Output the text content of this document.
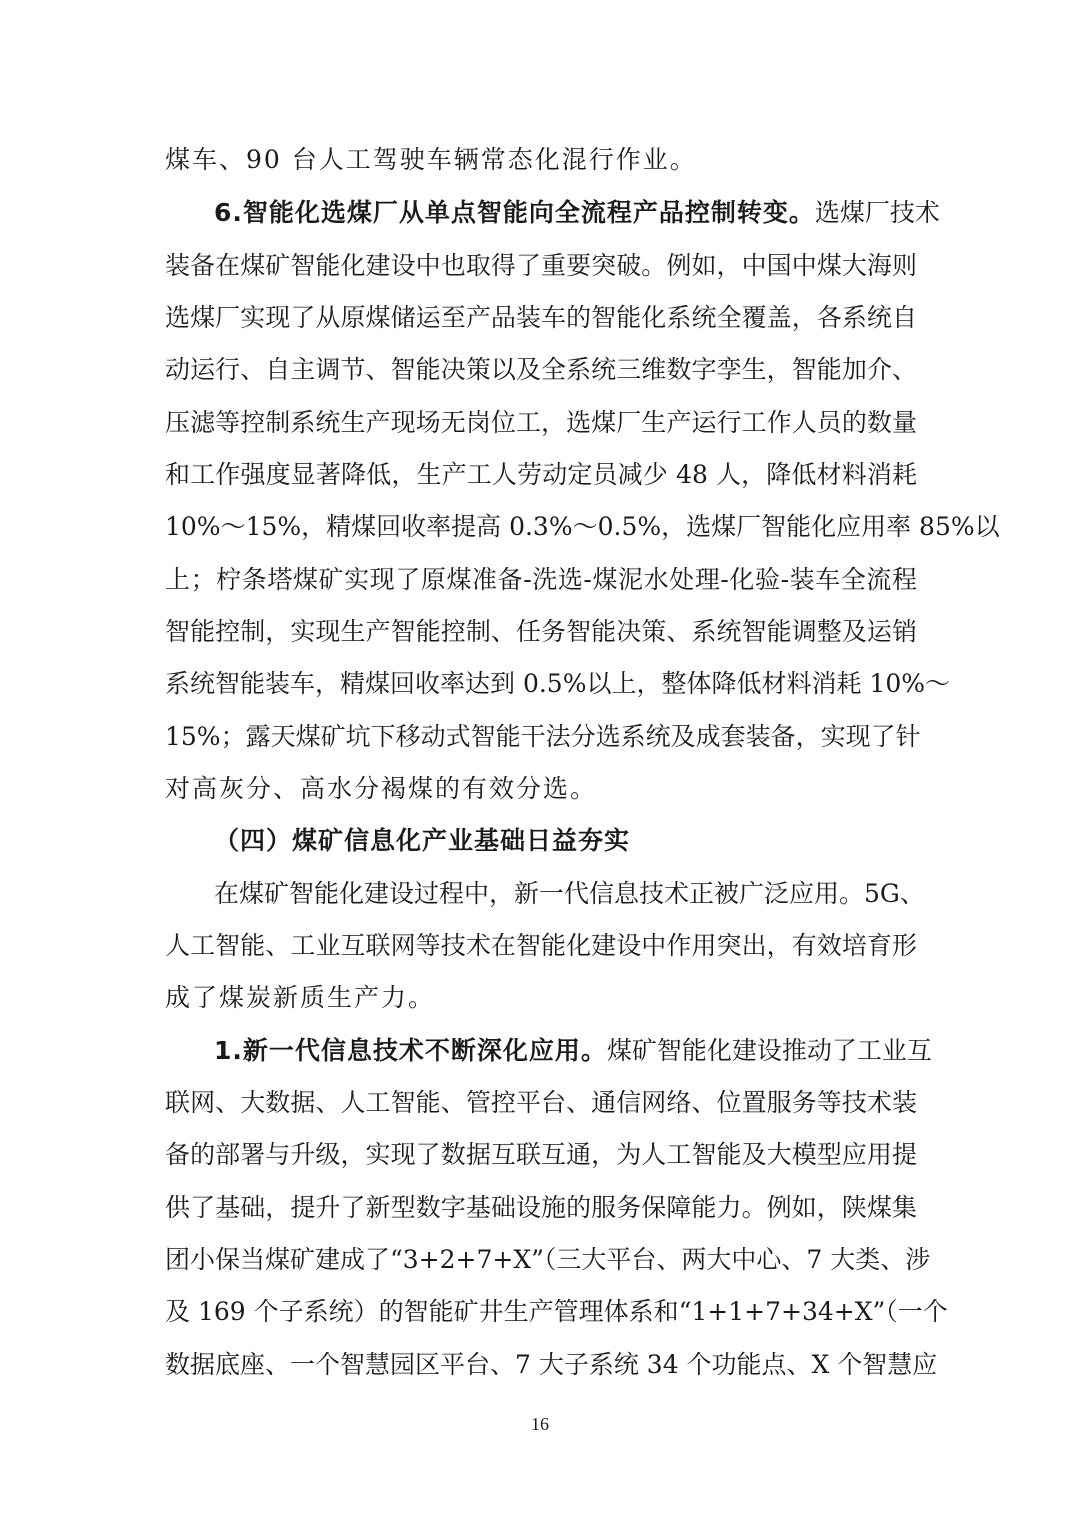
煤车、90 台人工驾驶车辆常态化混行作业。
6.智能化选煤厂从单点智能向全流程产品控制转变。选煤厂技术
装备在煤矿智能化建设中也取得了重要突破。例如，中国中煤大海则
选煤厂实现了从原煤储运至产品装车的智能化系统全覆盖，各系统自
动运行、自主调节、智能决策以及全系统三维数字孪生，智能加介、
压滤等控制系统生产现场无岗位工，选煤厂生产运行工作人员的数量
和工作强度显著降低，生产工人劳动定员减少 48 人，降低材料消耗
10%～15%，精煤回收率提高 0.3%～0.5%，选煤厂智能化应用率 85%以
上；柠条塔煤矿实现了原煤准备-洗选-煤泥水处理-化验-装车全流程
智能控制，实现生产智能控制、任务智能决策、系统智能调整及运销
系统智能装车，精煤回收率达到 0.5%以上，整体降低材料消耗 10%～
15%；露天煤矿坑下移动式智能干法分选系统及成套装备，实现了针
对高灰分、高水分褐煤的有效分选。
（四）煤矿信息化产业基础日益夯实
在煤矿智能化建设过程中，新一代信息技术正被广泛应用。5G、
人工智能、工业互联网等技术在智能化建设中作用突出，有效培育形
成了煤炭新质生产力。
1.新一代信息技术不断深化应用。煤矿智能化建设推动了工业互
联网、大数据、人工智能、管控平台、通信网络、位置服务等技术装
备的部署与升级，实现了数据互联互通，为人工智能及大模型应用提
供了基础，提升了新型数字基础设施的服务保障能力。例如，陕煤集
团小保当煤矿建成了“3+2+7+X”（三大平台、两大中心、7 大类、涉
及 169 个子系统）的智能矿井生产管理体系和“1+1+7+34+X”（一个
数据底座、一个智慧园区平台、7 大子系统 34 个功能点、X 个智慧应
16
